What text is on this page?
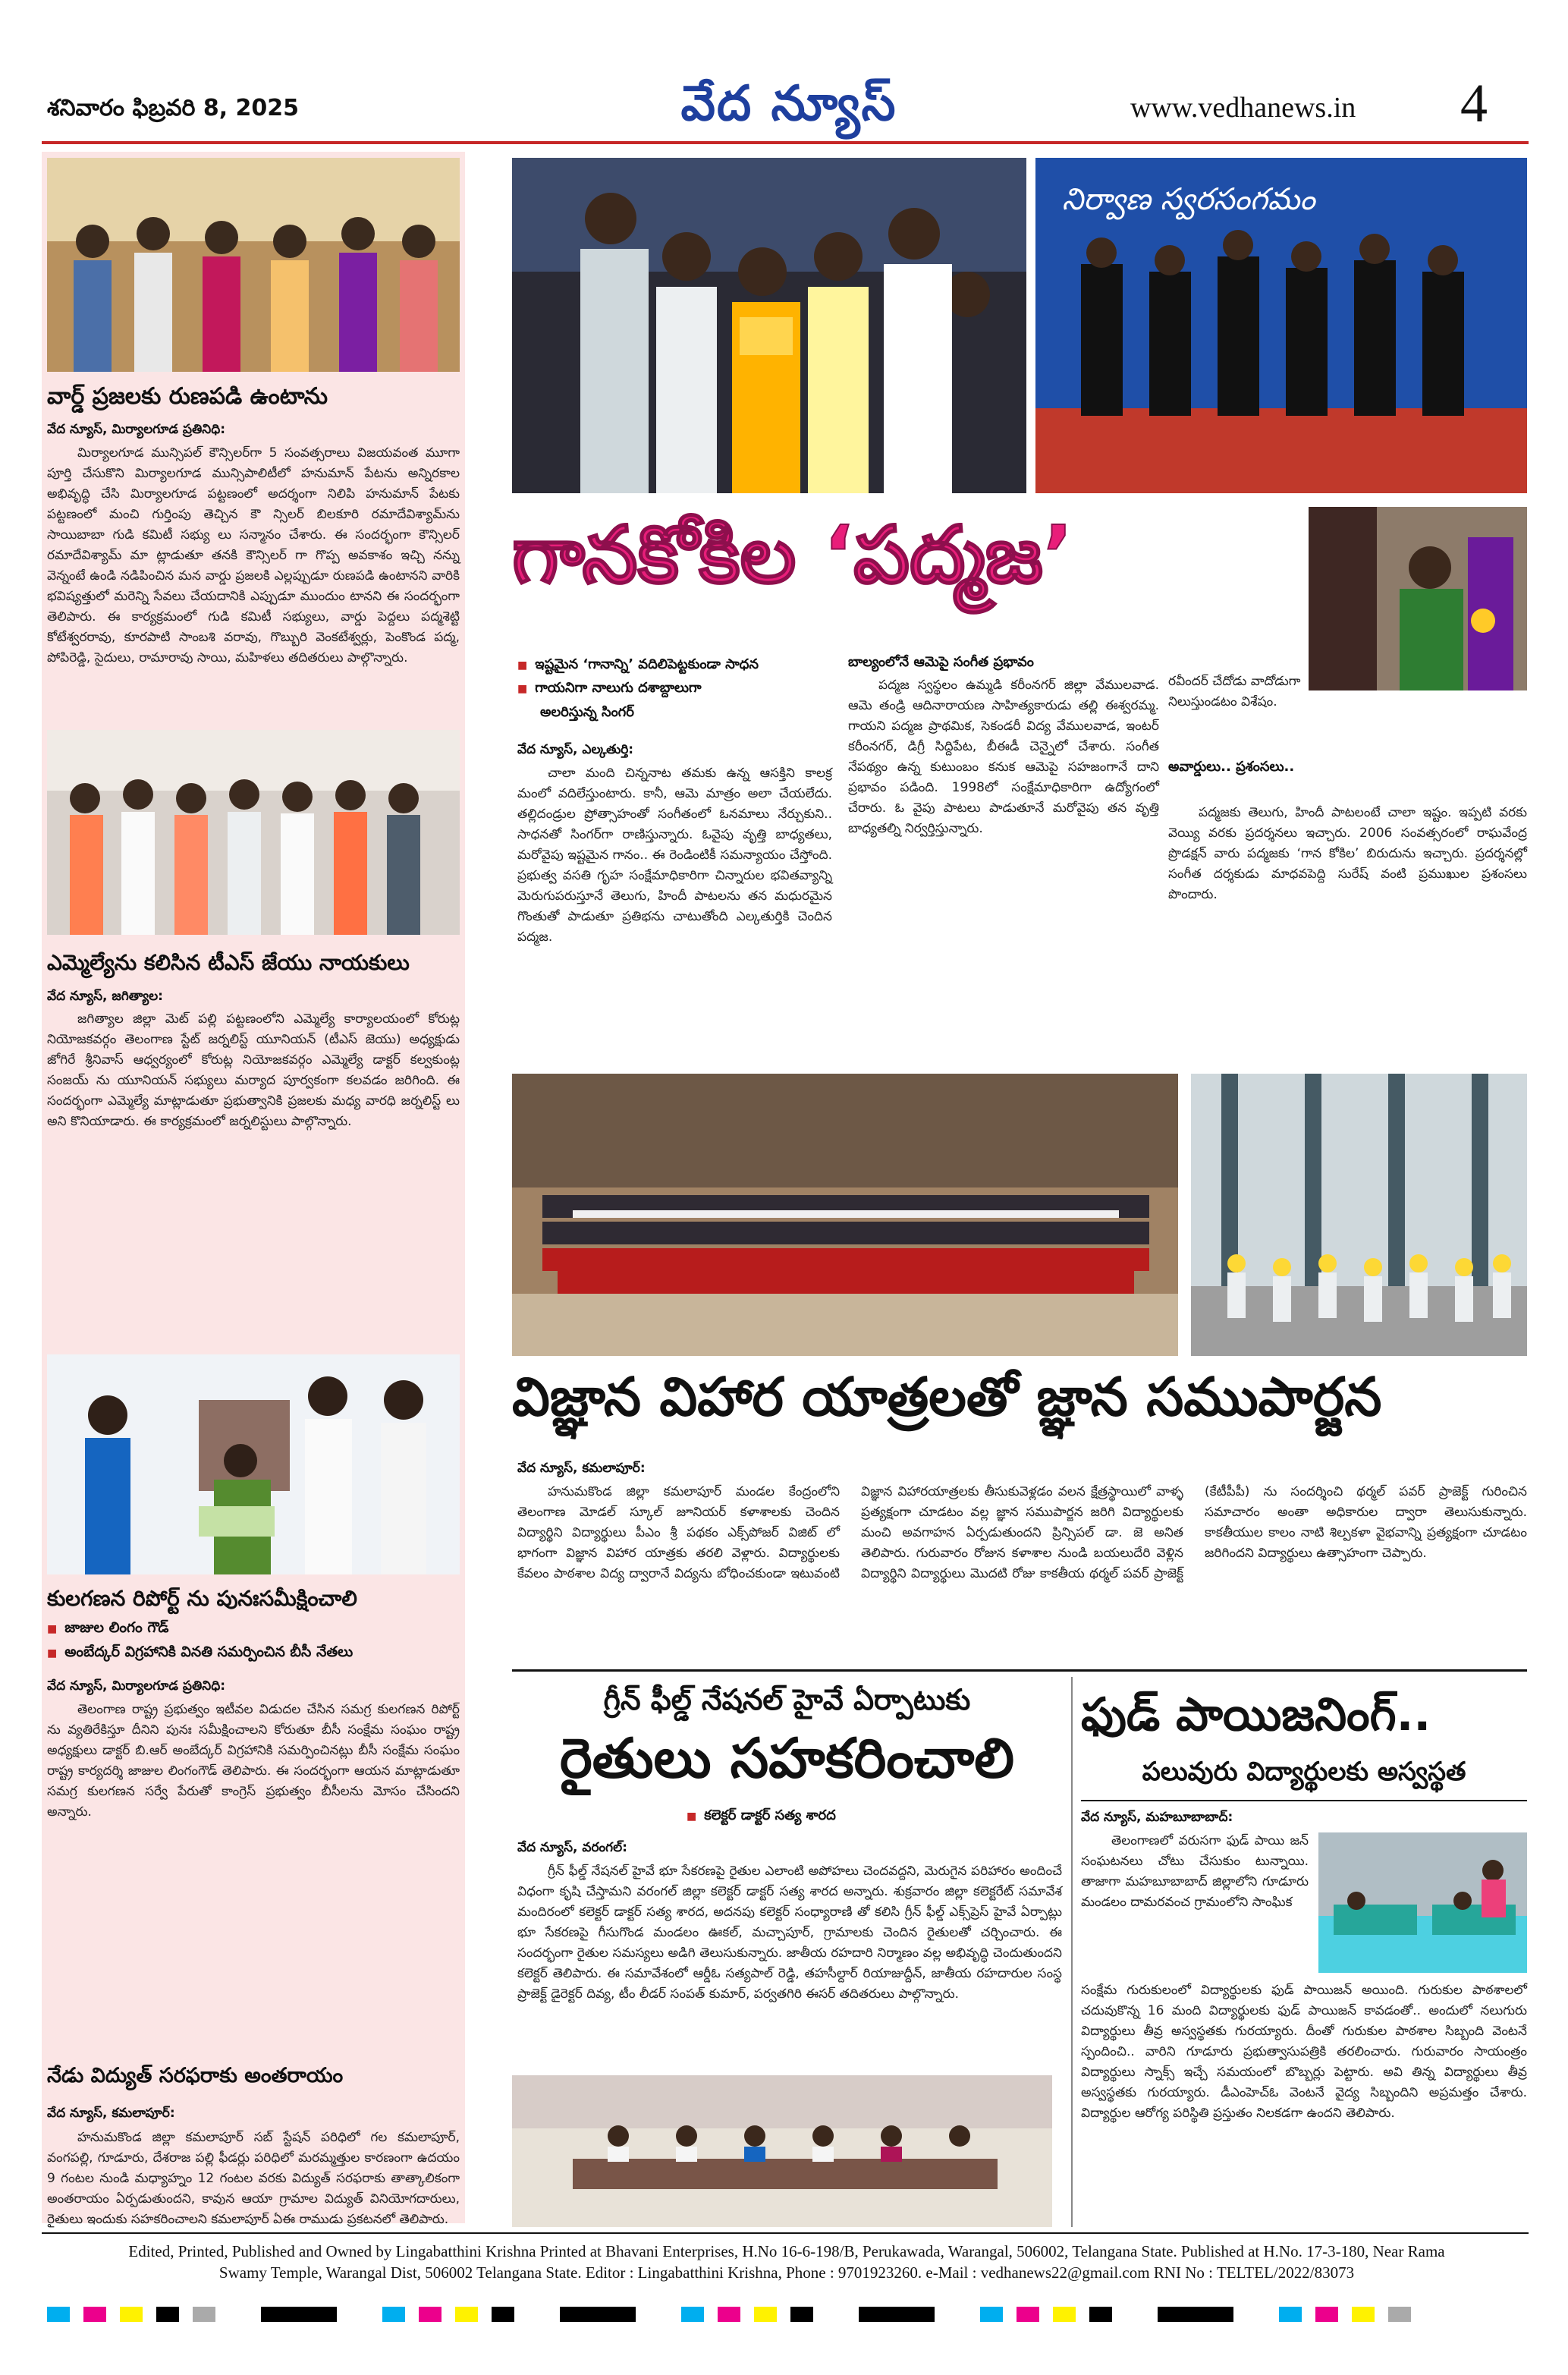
శనివారం ఫిబ్రవరి 8, 2025	వేద న్యూస్	www.vedhanews.in 4
వార్డ్ ప్రజలకు రుణపడి ఉంటాను
వేద న్యూస్, మిర్యాలగూడ ప్రతినిధి:
మిర్యాలగూడ మున్సిపల్ కౌన్సిలర్‌గా 5 సంవత్సరాలు విజయవంత మూగా పూర్తి చేసుకొని మిర్యాలగూడ మున్సిపాలిటీలో హనుమాన్ పేటను అన్నిరకాల అభివృద్ధి చేసి మిర్యాలగూడ పట్టణంలో అదర్శంగా నిలిపి హనుమాన్ పేటకు పట్టణంలో మంచి గుర్తింపు తెచ్చిన కౌ న్సిలర్ బిలకూరి రమాదేవిశ్యామ్‌ను సాయిబాబా గుడి కమిటీ సభ్యు లు సన్మానం చేశారు. ఈ సందర్భంగా కౌన్సిలర్ రమాదేవిశ్యామ్ మా ట్లాడుతూ తనకి కౌన్సిలర్ గా గొప్ప అవకాశం ఇచ్చి నన్ను వెన్నంటే ఉండి నడిపించిన మన వార్డు ప్రజలకి ఎల్లప్పుడూ రుణపడి ఉంటానని వారికి భవిష్యత్తులో మరెన్ని సేవలు చేయదానికి ఎప్పుడూ ముందుం టానని ఈ సందర్భంగా తెలిపారు. ఈ కార్యక్రమంలో గుడి కమిటీ సభ్యులు, వార్డు పెద్దలు పద్మశెట్టి కోటేశ్వరరావు, కూరపాటి సాంబశి వరావు, గొబ్బురి వెంకటేశ్వర్లు, పెంకొండ పద్మ, పోపిరెడ్డి, సైదులు, రామారావు సాయి, మహిళలు తదితరులు పాల్గొన్నారు.
ఎమ్మెల్యేను కలిసిన టీఎస్ జేయు నాయకులు
వేద న్యూస్, జగిత్యాల:
జగిత్యాల జిల్లా మెట్ పల్లి పట్టణంలోని ఎమ్మెల్యే కార్యాలయంలో కోరుట్ల నియోజకవర్గం తెలంగాణ స్టేట్ జర్నలిస్ట్ యూనియన్ (టీఎస్ జెయు) అధ్యక్షుడు జోగిరే శ్రీనివాస్ ఆధ్వర్యంలో కోరుట్ల నియోజకవర్గం ఎమ్మెల్యే డాక్టర్ కల్వకుంట్ల సంజయ్ ను యూనియన్ సభ్యులు మర్యాద పూర్వకంగా కలవడం జరిగింది. ఈ సందర్భంగా ఎమ్మెల్యే మాట్లాడుతూ ప్రభుత్వానికి ప్రజలకు మధ్య వారధి జర్నలిస్ట్ లు అని కొనియాడారు. ఈ కార్యక్రమంలో జర్నలిస్టులు పాల్గొన్నారు.
కులగణన రిపోర్ట్ ను పునఃసమీక్షించాలి
■ జాజుల లింగం గౌడ్
■ అంబేద్కర్ విగ్రహానికి వినతి సమర్పించిన బీసీ నేతలు
వేద న్యూస్, మిర్యాలగూడ ప్రతినిధి:
తెలంగాణ రాష్ట్ర ప్రభుత్వం ఇటీవల విడుదల చేసిన సమగ్ర కులగణన రిపోర్ట్ ను వ్యతిరేకిస్తూ దీనిని పునః సమీక్షించాలని కోరుతూ బీసీ సంక్షేమ సంఘం రాష్ట్ర అధ్యక్షులు డాక్టర్ బి.ఆర్ అంబేద్కర్ విగ్రహానికి సమర్పించినట్లు బీసీ సంక్షేమ సంఘం రాష్ట్ర కార్యదర్శి జాజుల లింగంగౌడ్ తెలిపారు. ఈ సందర్భంగా ఆయన మాట్లాడుతూ సమగ్ర కులగణన సర్వే పేరుతో కాంగ్రెస్ ప్రభుత్వం బీసీలను మోసం చేసిందని అన్నారు.
నేడు విద్యుత్ సరఫరాకు అంతరాయం
వేద న్యూస్, కమలాపూర్:
హనుమకొండ జిల్లా కమలాపూర్ సబ్ స్టేషన్ పరిధిలో గల కమలాపూర్, వంగపల్లి, గూడూరు, దేశరాజ పల్లి ఫీడర్లు పరిధిలో మరమ్మత్తుల కారణంగా ఉదయం 9 గంటల నుండి మధ్యాహ్నం 12 గంటల వరకు విద్యుత్ సరఫరాకు తాత్కాలికంగా అంతరాయం ఏర్పడుతుందని, కావున ఆయా గ్రామాల విద్యుత్ వినియోగదారులు, రైతులు ఇందుకు సహకరించాలని కమలాపూర్ ఏఈ రాముడు ప్రకటనలో తెలిపారు.
నిర్వాణ స్వరసంగమం
గానకోకిల ‘పద్మజ’
■ ఇష్టమైన ‘గానాన్ని’ వదిలిపెట్టకుండా సాధన
■ గాయనిగా నాలుగు దశాబ్దాలుగా
అలరిస్తున్న సింగర్
వేద న్యూస్, ఎల్కతుర్తి:
చాలా మంది చిన్ననాట తమకు ఉన్న ఆసక్తిని కాలక్ర మంలో వదిలేస్తుంటారు. కానీ, ఆమె మాత్రం అలా చేయలేదు. తల్లిదండ్రుల ప్రోత్సాహంతో సంగీతంలో ఓనమాలు నేర్చుకుని.. సాధనతో సింగర్‌గా రాణిస్తున్నారు. ఓవైపు వృత్తి బాధ్యతలు, మరోవైపు ఇష్టమైన గానం.. ఈ రెండింటికీ సమన్యాయం చేస్తోంది. ప్రభుత్వ వసతి గృహ సంక్షేమాధికారిగా చిన్నారుల భవితవ్యాన్ని మెరుగుపరుస్తూనే తెలుగు, హిందీ పాటలను తన మధురమైన గొంతుతో పాడుతూ ప్రతిభను చాటుతోంది ఎల్కతుర్తికి చెందిన పద్మజ.
బాల్యంలోనే ఆమెపై సంగీత ప్రభావం
పద్మజ స్వస్థలం ఉమ్మడి కరీంనగర్ జిల్లా వేములవాడ. ఆమె తండ్రి ఆదినారాయణ సాహిత్యకారుడు తల్లి ఈశ్వరమ్మ. గాయని పద్మజ ప్రాథమిక, సెకండరీ విద్య వేములవాడ, ఇంటర్ కరీంనగర్, డిగ్రీ సిద్దిపేట, బీఈడీ చెన్నైలో చేశారు. సంగీత నేపథ్యం ఉన్న కుటుంబం కనుక ఆమెపై సహజంగానే దాని ప్రభావం పడింది. 1998లో సంక్షేమాధికారిగా ఉద్యోగంలో చేరారు. ఓ వైపు పాటలు పాడుతూనే మరోవైపు తన వృత్తి బాధ్యతల్ని నిర్వర్తిస్తున్నారు.
రవీందర్ చేదోడు వాదోడుగా నిలుస్తుండటం విశేషం.
అవార్డులు.. ప్రశంసలు..
పద్మజకు తెలుగు, హిందీ పాటలంటే చాలా ఇష్టం. ఇప్పటి వరకు వెయ్యి వరకు ప్రదర్శనలు ఇచ్చారు. 2006 సంవత్సరంలో రాఘవేంద్ర ప్రొడక్షన్ వారు పద్మజకు ‘గాన కోకిల’ బిరుదును ఇచ్చారు. ప్రదర్శనల్లో సంగీత దర్శకుడు మాధవపెద్ది సురేష్ వంటి ప్రముఖుల ప్రశంసలు పొందారు.
విజ్ఞాన విహార యాత్రలతో జ్ఞాన సముపార్జన
వేద న్యూస్, కమలాపూర్:
హనుమకొండ జిల్లా కమలాపూర్ మండల కేంద్రంలోని తెలంగాణ మోడల్ స్కూల్ జూనియర్ కళాశాలకు చెందిన విద్యార్థిని విద్యార్థులు పీఎం శ్రీ పథకం ఎక్స్‌పోజర్ విజిట్ లో భాగంగా విజ్ఞాన విహార యాత్రకు తరలి వెళ్లారు. విద్యార్థులకు కేవలం పాఠశాల విద్య ద్వారానే విద్యను బోధించకుండా ఇటువంటి విజ్ఞాన విహారయాత్రలకు తీసుకువెళ్లడం వలన క్షేత్రస్థాయిలో వాళ్ళ ప్రత్యక్షంగా చూడటం వల్ల జ్ఞాన సముపార్జన జరిగి విద్యార్థులకు మంచి అవగాహన ఏర్పడుతుందని ప్రిన్సిపల్ డా. జె అనిత తెలిపారు. గురువారం రోజున కళాశాల నుండి బయలుదేరి వెళ్లిన విద్యార్థిని విద్యార్థులు మొదటి రోజు కాకతీయ థర్మల్ పవర్ ప్రాజెక్ట్ (కేటీపీపీ) ను సందర్శించి థర్మల్ పవర్ ప్రాజెక్ట్ గురించిన సమాచారం అంతా అధికారుల ద్వారా తెలుసుకున్నారు. కాకతీయుల కాలం నాటి శిల్పకళా వైభవాన్ని ప్రత్యక్షంగా చూడటం జరిగిందని విద్యార్థులు ఉత్సాహంగా చెప్పారు.
గ్రీన్ ఫీల్డ్ నేషనల్ హైవే ఏర్పాటుకు
రైతులు సహకరించాలి
■ కలెక్టర్ డాక్టర్ సత్య శారద
వేద న్యూస్, వరంగల్:
గ్రీన్ ఫీల్డ్ నేషనల్ హైవే భూ సేకరణపై రైతుల ఎలాంటి అపోహలు చెందవద్దని, మెరుగైన పరిహారం అందించే విధంగా కృషి చేస్తామని వరంగల్ జిల్లా కలెక్టర్ డాక్టర్ సత్య శారద అన్నారు. శుక్రవారం జిల్లా కలెక్టరేట్ సమావేశ మందిరంలో కలెక్టర్ డాక్టర్ సత్య శారద, అదనపు కలెక్టర్ సంధ్యారాణి తో కలిసి గ్రీన్ ఫీల్డ్ ఎక్స్‌ప్రెస్ హైవే ఏర్పాట్లు భూ సేకరణపై గీసుగొండ మండలం ఊకల్, మచ్చాపూర్, గ్రామాలకు చెందిన రైతులతో చర్చించారు. ఈ సందర్భంగా రైతుల సమస్యలు అడిగి తెలుసుకున్నారు. జాతీయ రహదారి నిర్మాణం వల్ల అభివృద్ధి చెందుతుందని కలెక్టర్ తెలిపారు. ఈ సమావేశంలో ఆర్డీఓ సత్యపాల్ రెడ్డి, తహసీల్దార్ రియాజుద్దీన్, జాతీయ రహదారుల సంస్థ ప్రాజెక్ట్ డైరెక్టర్ దివ్య, టీం లీడర్ సంపత్ కుమార్, పర్వతగిరి ఈసర్ తదితరులు పాల్గొన్నారు.
ఫుడ్ పాయిజనింగ్..
పలువురు విద్యార్థులకు అస్వస్థత
వేద న్యూస్, మహబూబాబాద్:
తెలంగాణలో వరుసగా ఫుడ్ పాయి జన్ సంఘటనలు చోటు చేసుకుం టున్నాయి. తాజాగా మహబూబాబాద్ జిల్లాలోని గూడూరు మండలం దామరవంచ గ్రామంలోని సాంఘిక
సంక్షేమ గురుకులంలో విద్యార్థులకు ఫుడ్ పాయిజన్ అయింది. గురుకుల పాఠశాలలో చదువుకొన్న 16 మంది విద్యార్థులకు ఫుడ్ పాయిజన్ కావడంతో.. అందులో నలుగురు విద్యార్థులు తీవ్ర అస్వస్థతకు గురయ్యారు. దీంతో గురుకుల పాఠశాల సిబ్బంది వెంటనే స్పందించి.. వారిని గూడూరు ప్రభుత్వాసుపత్రికి తరలించారు. గురువారం సాయంత్రం విద్యార్థులు స్నాక్స్ ఇచ్చే సమయంలో బొబ్బర్లు పెట్టారు. అవి తిన్న విద్యార్థులు తీవ్ర అస్వస్థతకు గురయ్యారు. డీఎంహెచ్‌ఓ వెంటనే వైద్య సిబ్బందిని అప్రమత్తం చేశారు. విద్యార్థుల ఆరోగ్య పరిస్థితి ప్రస్తుతం నిలకడగా ఉందని తెలిపారు.
Edited, Printed, Published and Owned by Lingabatthini Krishna Printed at Bhavani Enterprises, H.No 16-6-198/B, Perukawada, Warangal, 506002, Telangana State. Published at H.No. 17-3-180, Near Rama
Swamy Temple, Warangal Dist, 506002 Telangana State. Editor : Lingabatthini Krishna, Phone : 9701923260. e-Mail : vedhanews22@gmail.com RNI No : TELTEL/2022/83073
